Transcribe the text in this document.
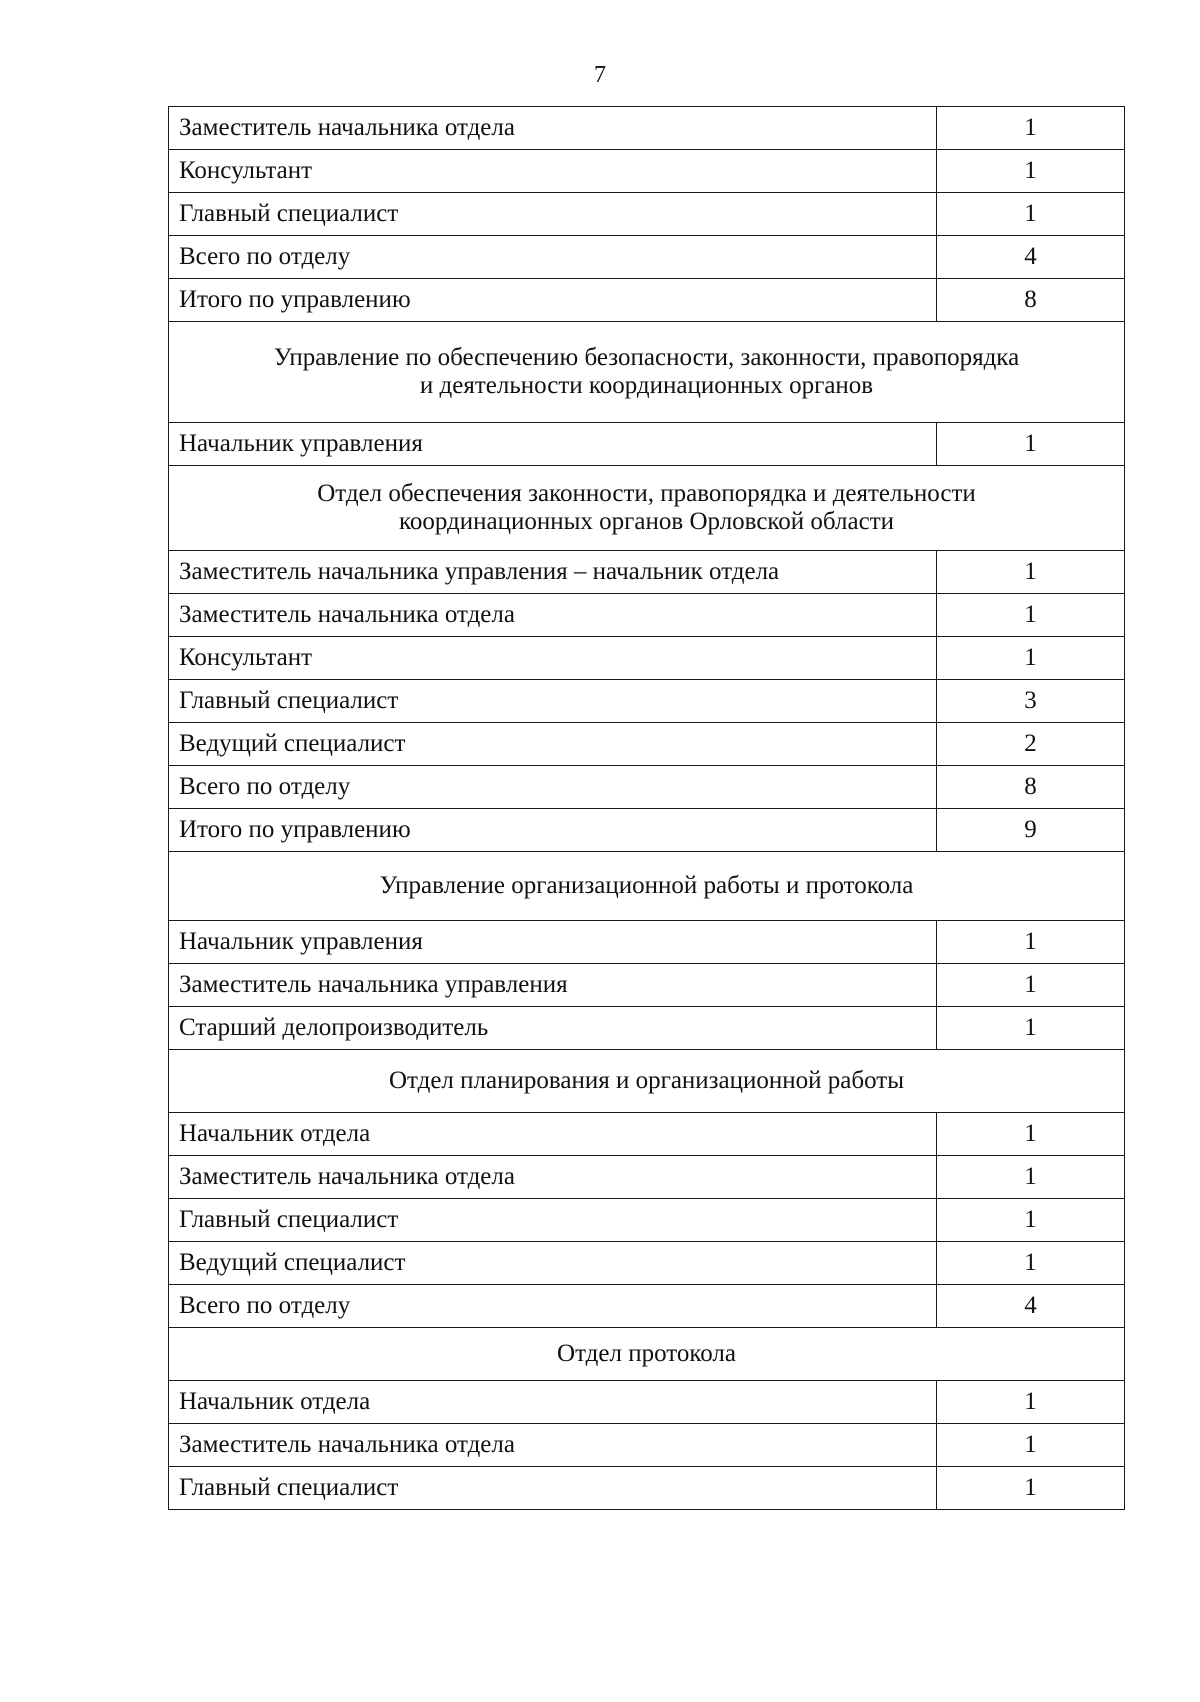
7
Заместитель начальника отдела	1
Консультант	1
Главный специалист	1
Всего по отделу	4
Итого по управлению	8
Управление по обеспечению безопасности, законности, правопорядка
и деятельности координационных органов	
Начальник управления	1
Отдел обеспечения законности, правопорядка и деятельности
координационных органов Орловской области	
Заместитель начальника управления – начальник отдела	1
Заместитель начальника отдела	1
Консультант	1
Главный специалист	3
Ведущий специалист	2
Всего по отделу	8
Итого по управлению	9
Управление организационной работы и протокола	
Начальник управления	1
Заместитель начальника управления	1
Старший делопроизводитель	1
Отдел планирования и организационной работы	
Начальник отдела	1
Заместитель начальника отдела	1
Главный специалист	1
Ведущий специалист	1
Всего по отделу	4
Отдел протокола	
Начальник отдела	1
Заместитель начальника отдела	1
Главный специалист	1
